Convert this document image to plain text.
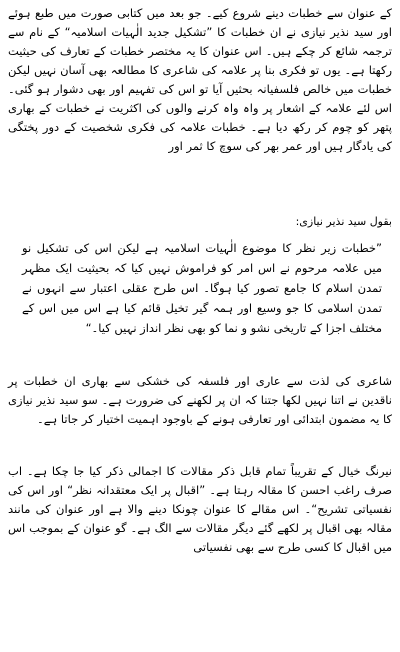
کے عنوان سے خطبات دینے شروع کیے۔ جو بعد میں کتابی صورت میں طبع ہوئے اور سید نذیر نیازی نے ان خطبات کا ”تشکیل جدید الٰہیات اسلامیہ“ کے نام سے ترجمہ شائع کر چکے ہیں۔ اس عنوان کا یہ مختصر خطبات کے تعارف کی حیثیت رکھتا ہے۔ یوں تو فکری بنا پر علامہ کی شاعری کا مطالعہ بھی آسان نہیں لیکن خطبات میں خالص فلسفیانہ بحثیں آیا تو اس کی تفہیم اور بھی دشوار ہو گئی۔ اس لئے علامہ کے اشعار پر واہ واہ کرنے والوں کی اکثریت نے خطبات کے بھاری پتھر کو چوم کر رکھ دیا ہے۔ خطبات علامہ کی فکری شخصیت کے دور پختگی کی یادگار ہیں اور عمر بھر کی سوچ کا ثمر اور

بقول سید نذیر نیازی:

”خطبات زیر نظر کا موضوع الٰہیات اسلامیہ ہے لیکن اس کی تشکیل نو میں علامہ مرحوم نے اس امر کو فراموش نہیں کیا کہ بحیثیت ایک مظہر تمدن اسلام کا جامع تصور کیا ہوگا۔ اس طرح عقلی اعتبار سے انہوں نے تمدن اسلامی کا جو وسیع اور ہمہ گیر تخیل قائم کیا ہے اس میں اس کے مختلف اجزا کے تاریخی نشو و نما کو بھی نظر انداز نہیں کیا۔“

شاعری کی لذت سے عاری اور فلسفہ کی خشکی سے بھاری ان خطبات پر ناقدین نے اتنا نہیں لکھا جتنا کہ ان پر لکھنے کی ضرورت ہے۔ سو سید نذیر نیازی کا یہ مضمون ابتدائی اور تعارفی ہونے کے باوجود اہمیت اختیار کر جاتا ہے۔

نیرنگ خیال کے تقریباً تمام قابل ذکر مقالات کا اجمالی ذکر کیا جا چکا ہے۔ اب صرف راغب احسن کا مقالہ رہتا ہے۔ ”اقبال پر ایک معتقدانہ نظر“ اور اس کی نفسیاتی تشریح“۔ اس مقالے کا عنوان چونکا دینے والا ہے اور عنوان کی مانند مقالہ بھی اقبال پر لکھے گئے دیگر مقالات سے الگ ہے۔ گو عنوان کے بموجب اس میں اقبال کا کسی طرح سے بھی نفسیاتی
